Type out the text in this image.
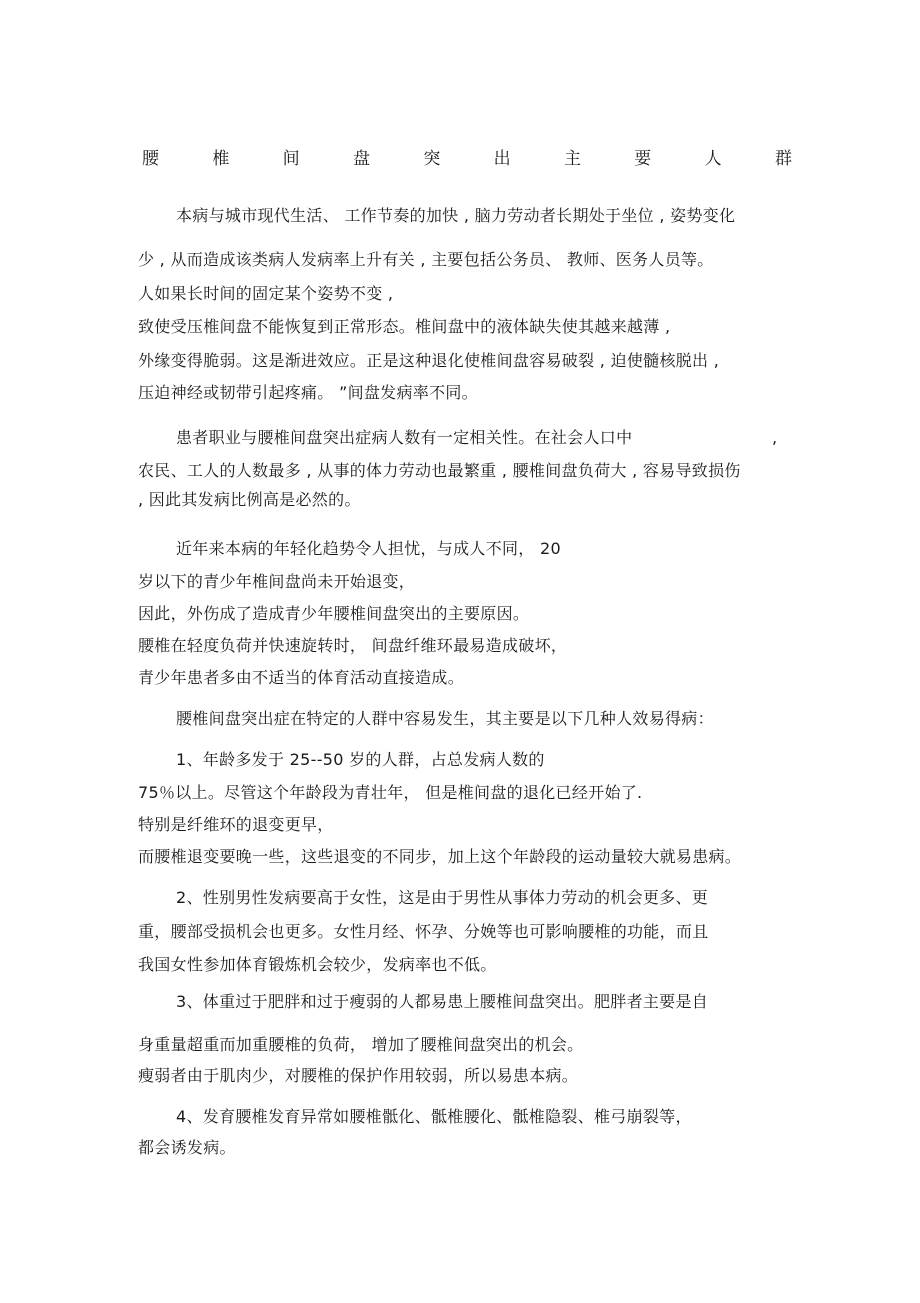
腰	椎	间	盘	突	出	主	要	人	群
本病与城市现代生活、 工作节奏的加快 , 脑力劳动者长期处于坐位 , 姿势变化
少 , 从而造成该类病人发病率上升有关 , 主要包括公务员、 教师、医务人员等。
人如果长时间的固定某个姿势不变 ,
致使受压椎间盘不能恢复到正常形态。椎间盘中的液体缺失使其越来越薄 ,
外缘变得脆弱。这是渐进效应。正是这种退化使椎间盘容易破裂 , 迫使髓核脱出 ,
压迫神经或韧带引起疼痛。 ”间盘发病率不同。
患者职业与腰椎间盘突出症病人数有一定相关性。在社会人口中	,
农民、工人的人数最多 , 从事的体力劳动也最繁重 , 腰椎间盘负荷大 , 容易导致损伤
, 因此其发病比例高是必然的。
近年来本病的年轻化趋势令人担忧，与成人不同， 20
岁以下的青少年椎间盘尚未开始退变，
因此，外伤成了造成青少年腰椎间盘突出的主要原因。
腰椎在轻度负荷并快速旋转时， 间盘纤维环最易造成破坏，
青少年患者多由不适当的体育活动直接造成。
腰椎间盘突出症在特定的人群中容易发生，其主要是以下几种人效易得病：
1、年龄多发于 25--50 岁的人群，占总发病人数的
75％以上。尽管这个年龄段为青壮年， 但是椎间盘的退化已经开始了.
特别是纤维环的退变更早，
而腰椎退变要晚一些，这些退变的不同步，加上这个年龄段的运动量较大就易患病。
2、性别男性发病要高于女性，这是由于男性从事体力劳动的机会更多、更
重，腰部受损机会也更多。女性月经、怀孕、分娩等也可影响腰椎的功能，而且
我国女性参加体育锻炼机会较少，发病率也不低。
3、体重过于肥胖和过于瘦弱的人都易患上腰椎间盘突出。肥胖者主要是自
身重量超重而加重腰椎的负荷， 增加了腰椎间盘突出的机会。
瘦弱者由于肌肉少，对腰椎的保护作用较弱，所以易患本病。
4、发育腰椎发育异常如腰椎骶化、骶椎腰化、骶椎隐裂、椎弓崩裂等，
都会诱发病。
